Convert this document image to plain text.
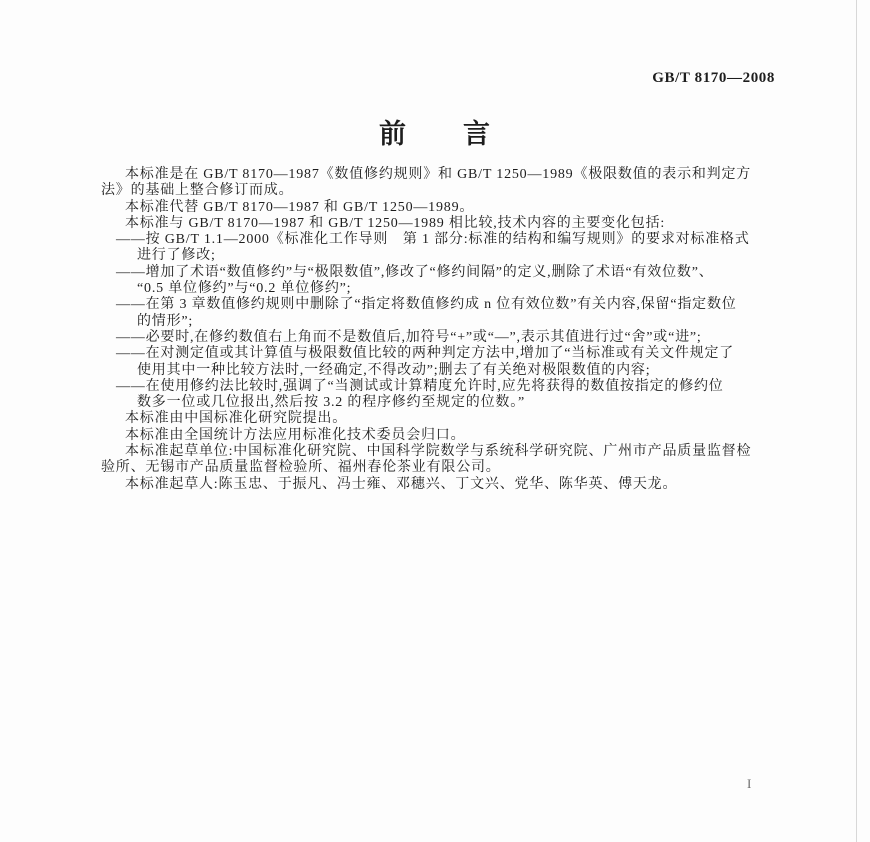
GB/T 8170—2008
前　　言
本标准是在 GB/T 8170—1987《数值修约规则》和 GB/T 1250—1989《极限数值的表示和判定方
法》的基础上整合修订而成。
本标准代替 GB/T 8170—1987 和 GB/T 1250—1989。
本标准与 GB/T 8170—1987 和 GB/T 1250—1989 相比较,技术内容的主要变化包括:
——按 GB/T 1.1—2000《标准化工作导则　第 1 部分:标准的结构和编写规则》的要求对标准格式
进行了修改;
——增加了术语“数值修约”与“极限数值”,修改了“修约间隔”的定义,删除了术语“有效位数”、
“0.5 单位修约”与“0.2 单位修约”;
——在第 3 章数值修约规则中删除了“指定将数值修约成 n 位有效位数”有关内容,保留“指定数位
的情形”;
——必要时,在修约数值右上角而不是数值后,加符号“+”或“—”,表示其值进行过“舍”或“进”;
——在对测定值或其计算值与极限数值比较的两种判定方法中,增加了“当标准或有关文件规定了
使用其中一种比较方法时,一经确定,不得改动”;删去了有关绝对极限数值的内容;
——在使用修约法比较时,强调了“当测试或计算精度允许时,应先将获得的数值按指定的修约位
数多一位或几位报出,然后按 3.2 的程序修约至规定的位数。”
本标准由中国标准化研究院提出。
本标准由全国统计方法应用标准化技术委员会归口。
本标准起草单位:中国标准化研究院、中国科学院数学与系统科学研究院、广州市产品质量监督检
验所、无锡市产品质量监督检验所、福州春伦茶业有限公司。
本标准起草人:陈玉忠、于振凡、冯士雍、邓穗兴、丁文兴、党华、陈华英、傅天龙。
I
